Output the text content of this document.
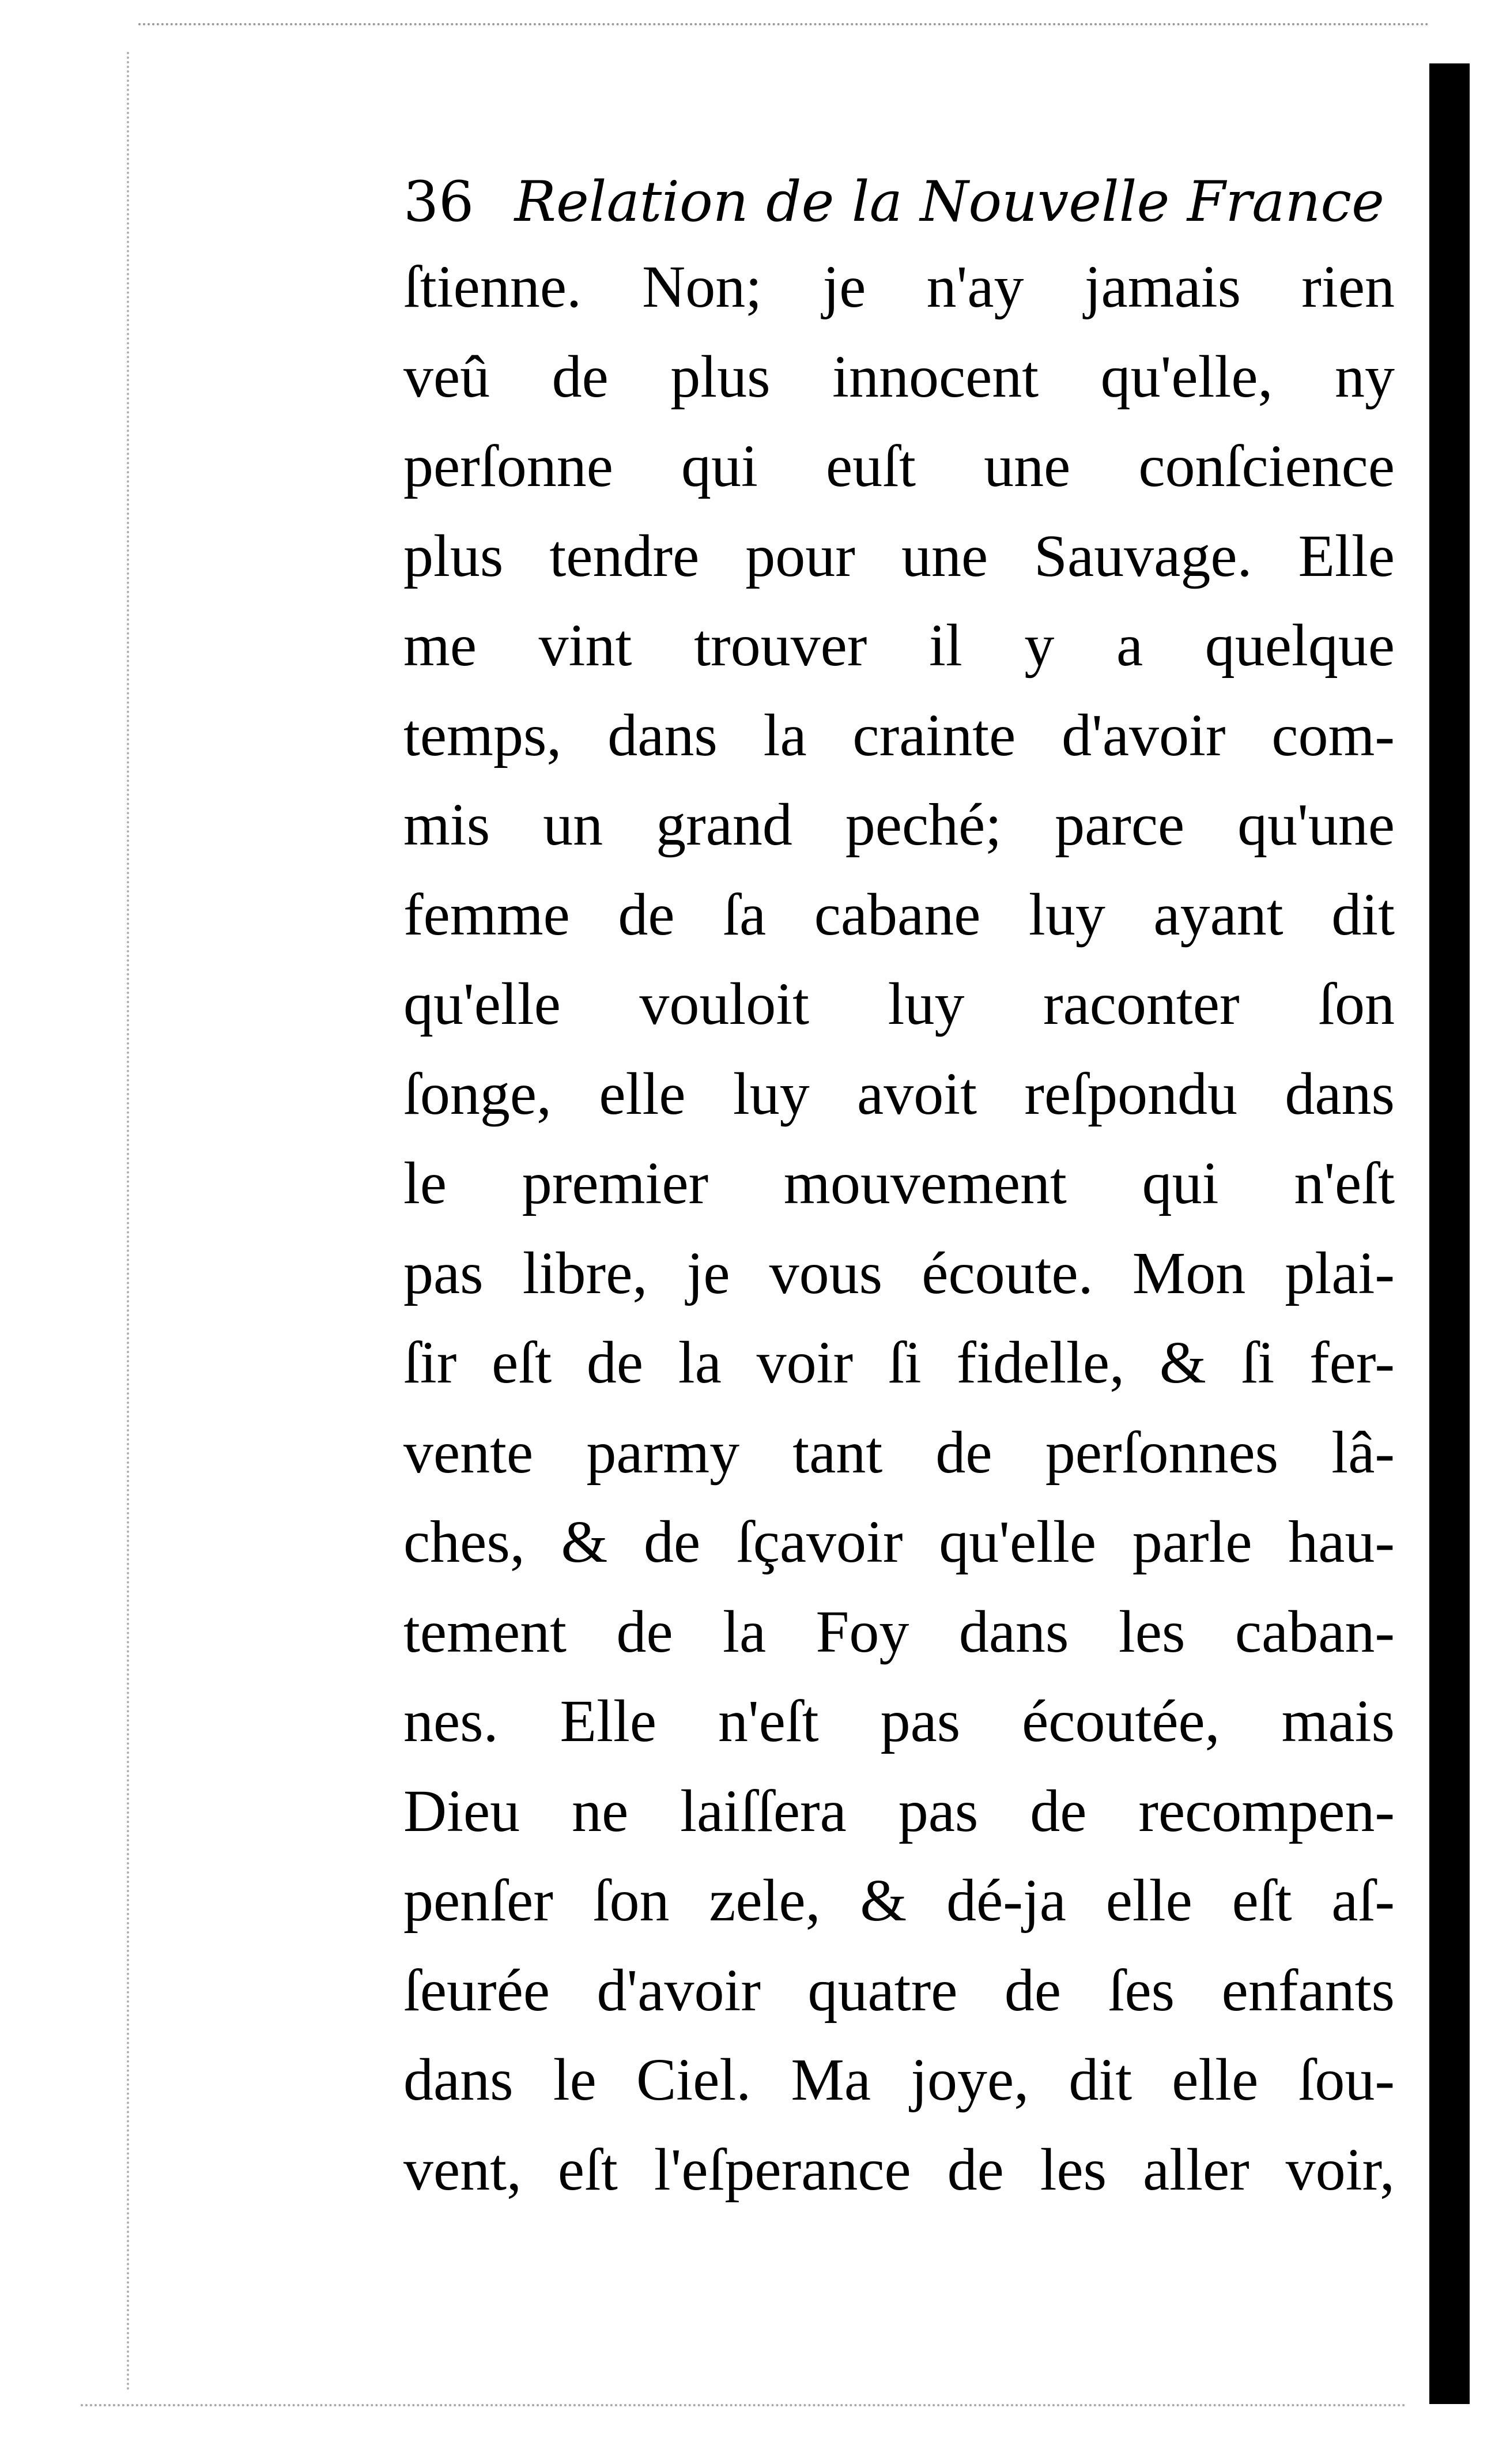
36 Relation de la Nouvelle France
ſtienne. Non; je n'ay jamais rien
veû de plus innocent qu'elle, ny
perſonne qui euſt une conſcience
plus tendre pour une Sauvage. Elle
me vint trouver il y a quelque
temps, dans la crainte d'avoir com-
mis un grand peché; parce qu'une
femme de ſa cabane luy ayant dit
qu'elle vouloit luy raconter ſon
ſonge, elle luy avoit reſpondu dans
le premier mouvement qui n'eſt
pas libre, je vous écoute. Mon plai-
ſir eſt de la voir ſi fidelle, & ſi fer-
vente parmy tant de perſonnes lâ-
ches, & de ſçavoir qu'elle parle hau-
tement de la Foy dans les caban-
nes. Elle n'eſt pas écoutée, mais
Dieu ne laiſſera pas de recompen-
penſer ſon zele, & dé-ja elle eſt aſ-
ſeurée d'avoir quatre de ſes enfants
dans le Ciel. Ma joye, dit elle ſou-
vent, eſt l'eſperance de les aller voir,
